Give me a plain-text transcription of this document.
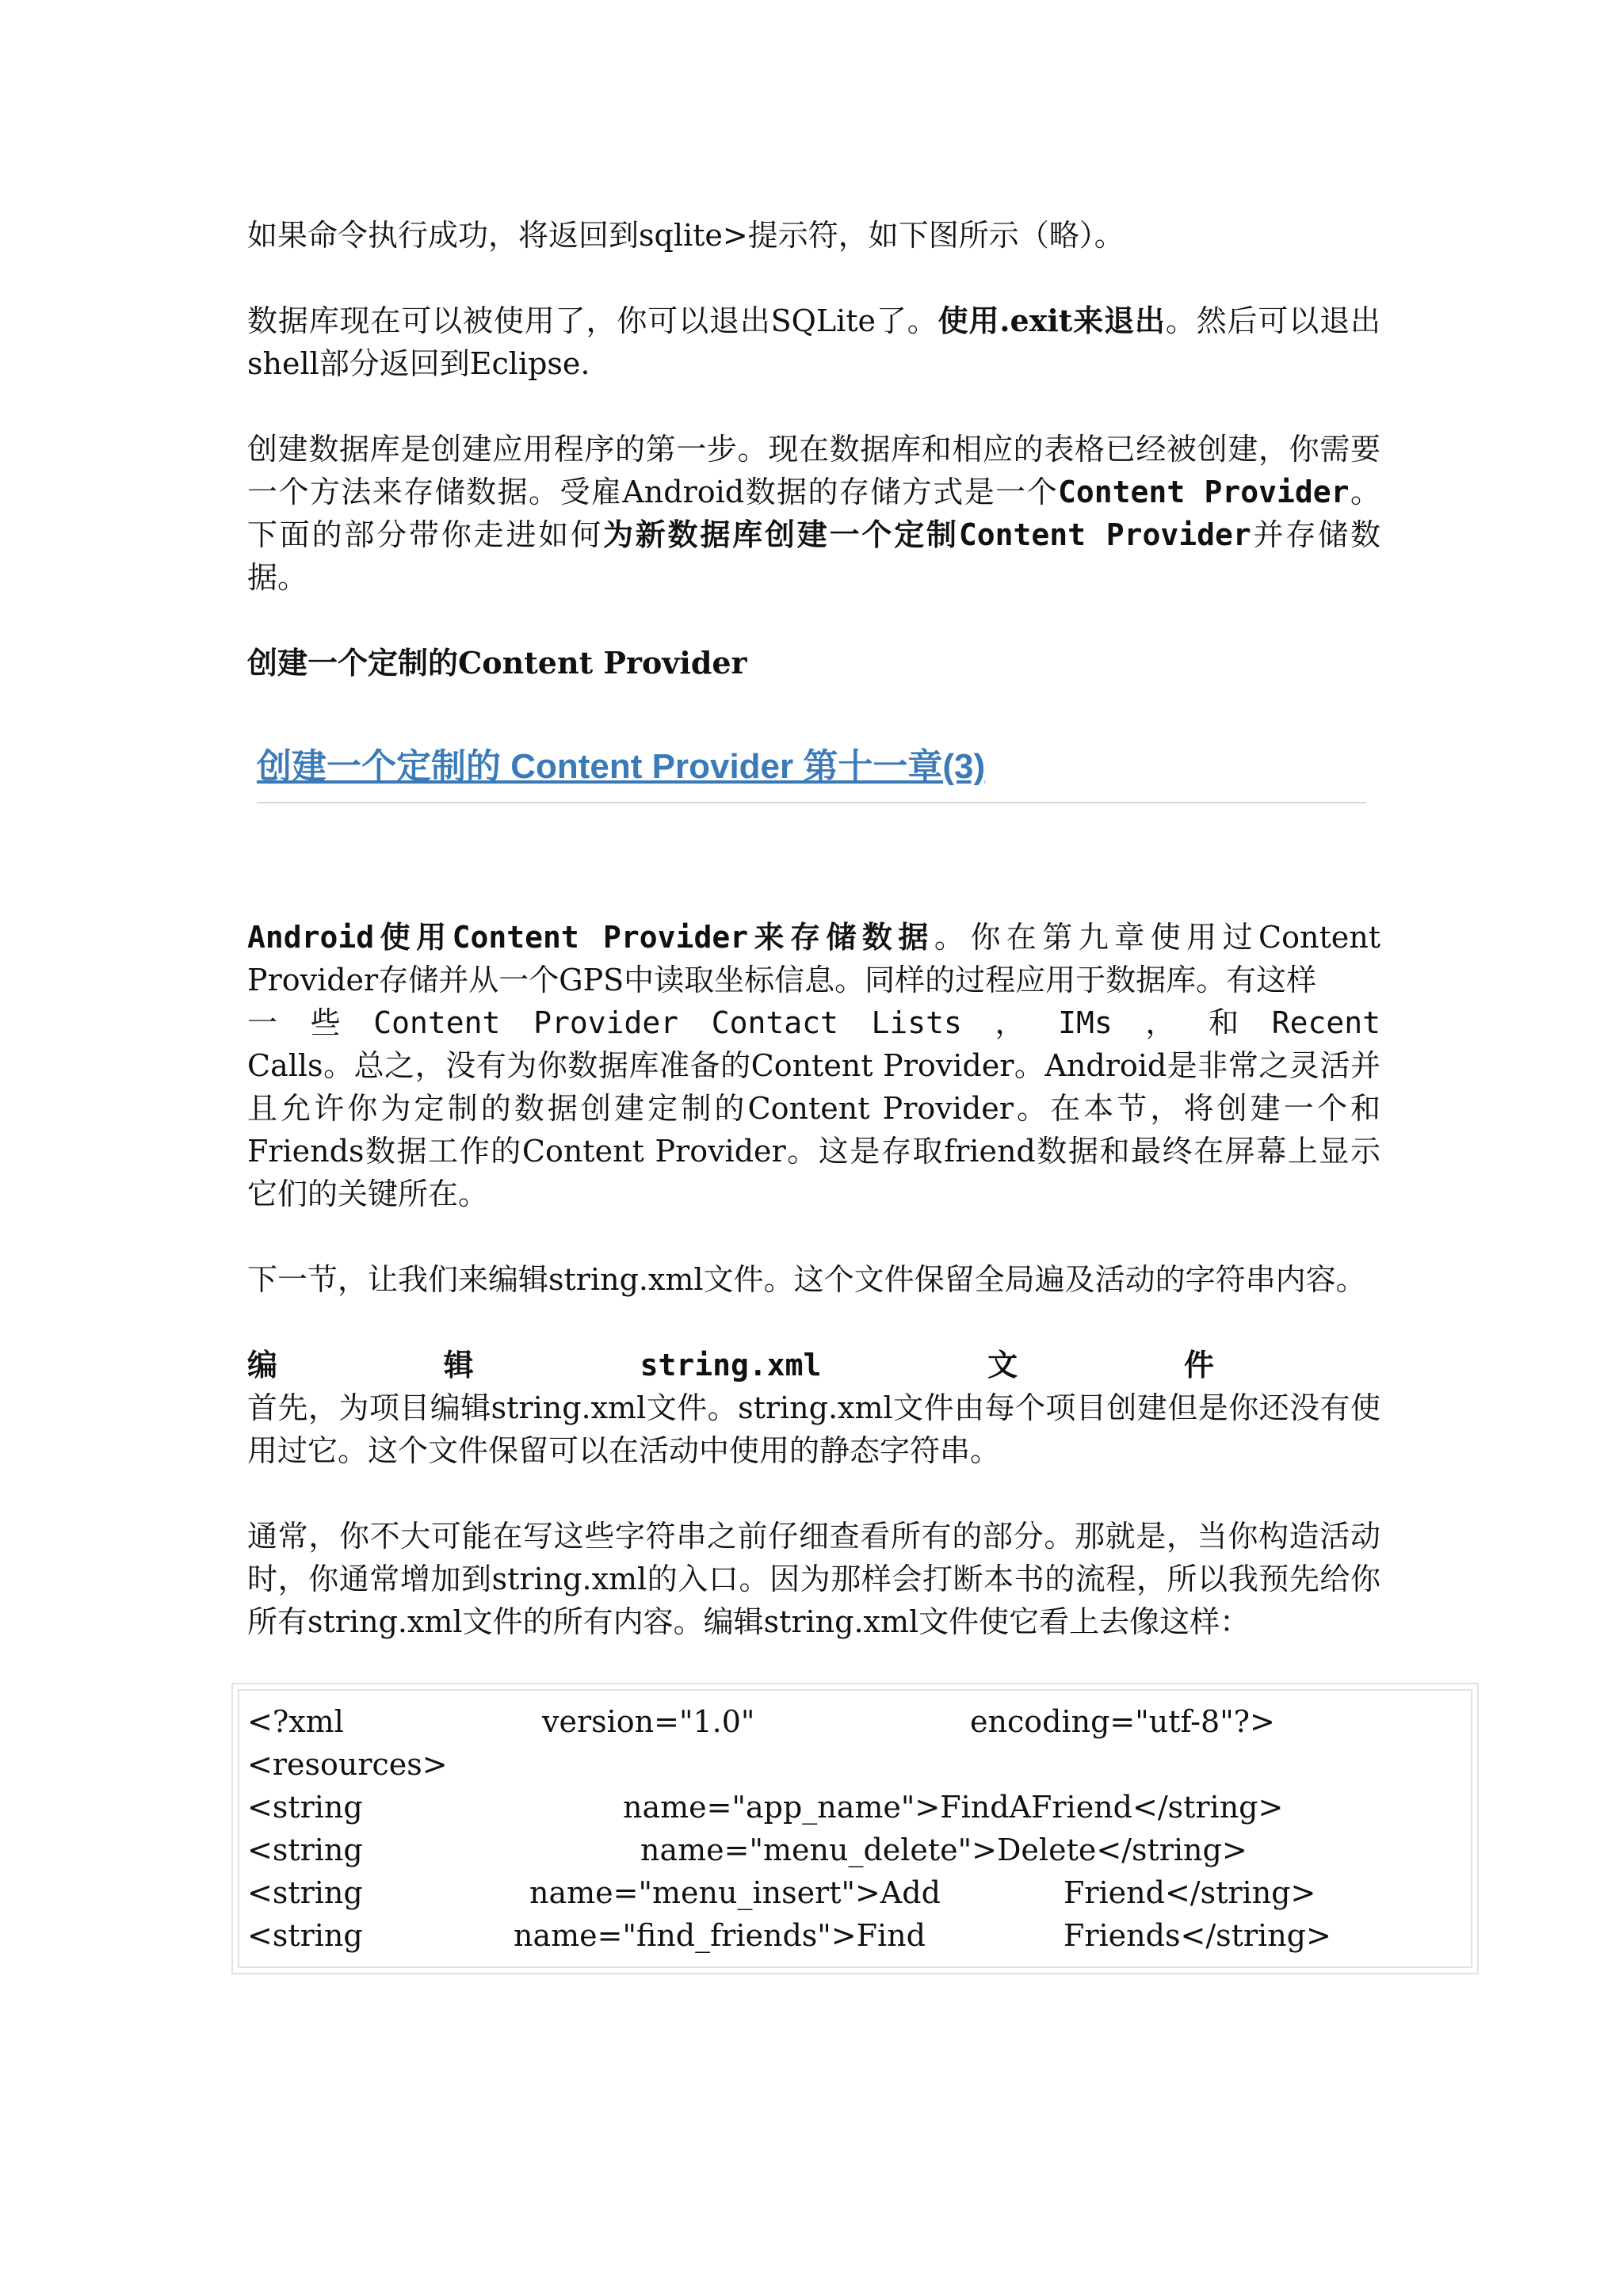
如果命令执行成功，将返回到sqlite>提示符，如下图所示（略）。

数据库现在可以被使用了，你可以退出SQLite了。使用.exit来退出。然后可以退出shell部分返回到Eclipse.

创建数据库是创建应用程序的第一步。现在数据库和相应的表格已经被创建，你需要一个方法来存储数据。受雇Android数据的存储方式是一个Content Provider。下面的部分带你走进如何为新数据库创建一个定制Content Provider并存储数据。

创建一个定制的Content Provider

创建一个定制的 Content Provider 第十一章(3)

Android使用Content Provider来存储数据。你在第九章使用过Content Provider存储并从一个GPS中读取坐标信息。同样的过程应用于数据库。有这样

一 些 Content Provider Contact Lists ， IMs ， 和 Recent

Calls。总之，没有为你数据库准备的Content Provider。Android是非常之灵活并且允许你为定制的数据创建定制的Content Provider。在本节，将创建一个和Friends数据工作的Content Provider。这是存取friend数据和最终在屏幕上显示它们的关键所在。

下一节，让我们来编辑string.xml文件。这个文件保留全局遍及活动的字符串内容。

编	辑	string.xml	文	件

首先，为项目编辑string.xml文件。string.xml文件由每个项目创建但是你还没有使用过它。这个文件保留可以在活动中使用的静态字符串。

通常，你不大可能在写这些字符串之前仔细查看所有的部分。那就是，当你构造活动时，你通常增加到string.xml的入口。因为那样会打断本书的流程，所以我预先给你所有string.xml文件的所有内容。编辑string.xml文件使它看上去像这样：

<?xml	version="1.0"	encoding="utf-8"?>
<resources>
<string	name="app_name">FindAFriend</string>
<string	name="menu_delete">Delete</string>
<string	name="menu_insert">Add	Friend</string>
<string	name="find_friends">Find	Friends</string>
